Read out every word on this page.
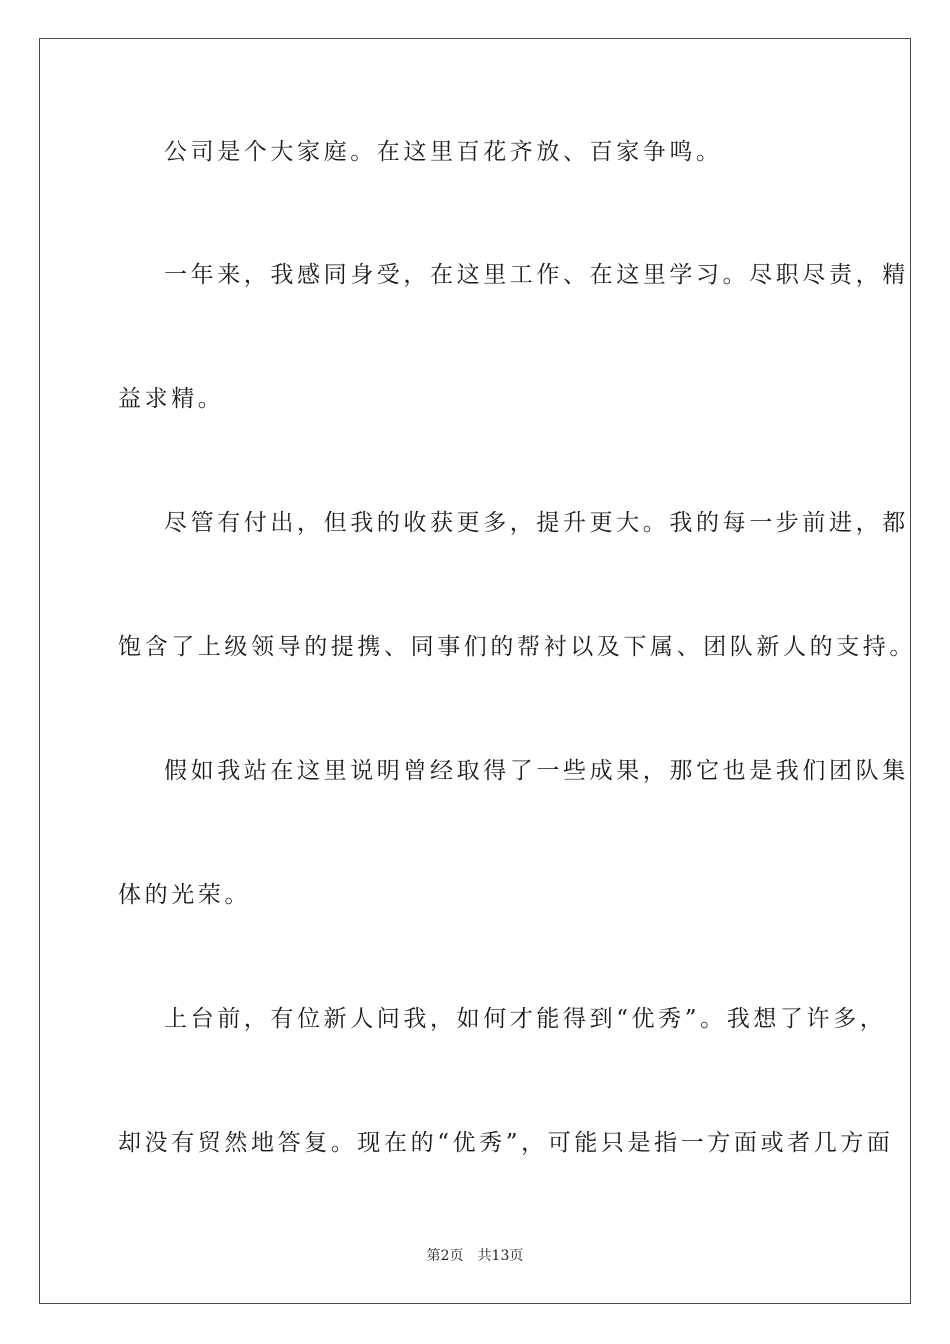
公司是个大家庭。在这里百花齐放、百家争鸣。
一年来，我感同身受，在这里工作、在这里学习。尽职尽责，精
益求精。
尽管有付出，但我的收获更多，提升更大。我的每一步前进，都
饱含了上级领导的提携、同事们的帮衬以及下属、团队新人的支持。
假如我站在这里说明曾经取得了一些成果，那它也是我们团队集
体的光荣。
上台前，有位新人问我，如何才能得到“优秀”。我想了许多，
却没有贸然地答复。现在的“优秀”，可能只是指一方面或者几方面
第2页 共13页
